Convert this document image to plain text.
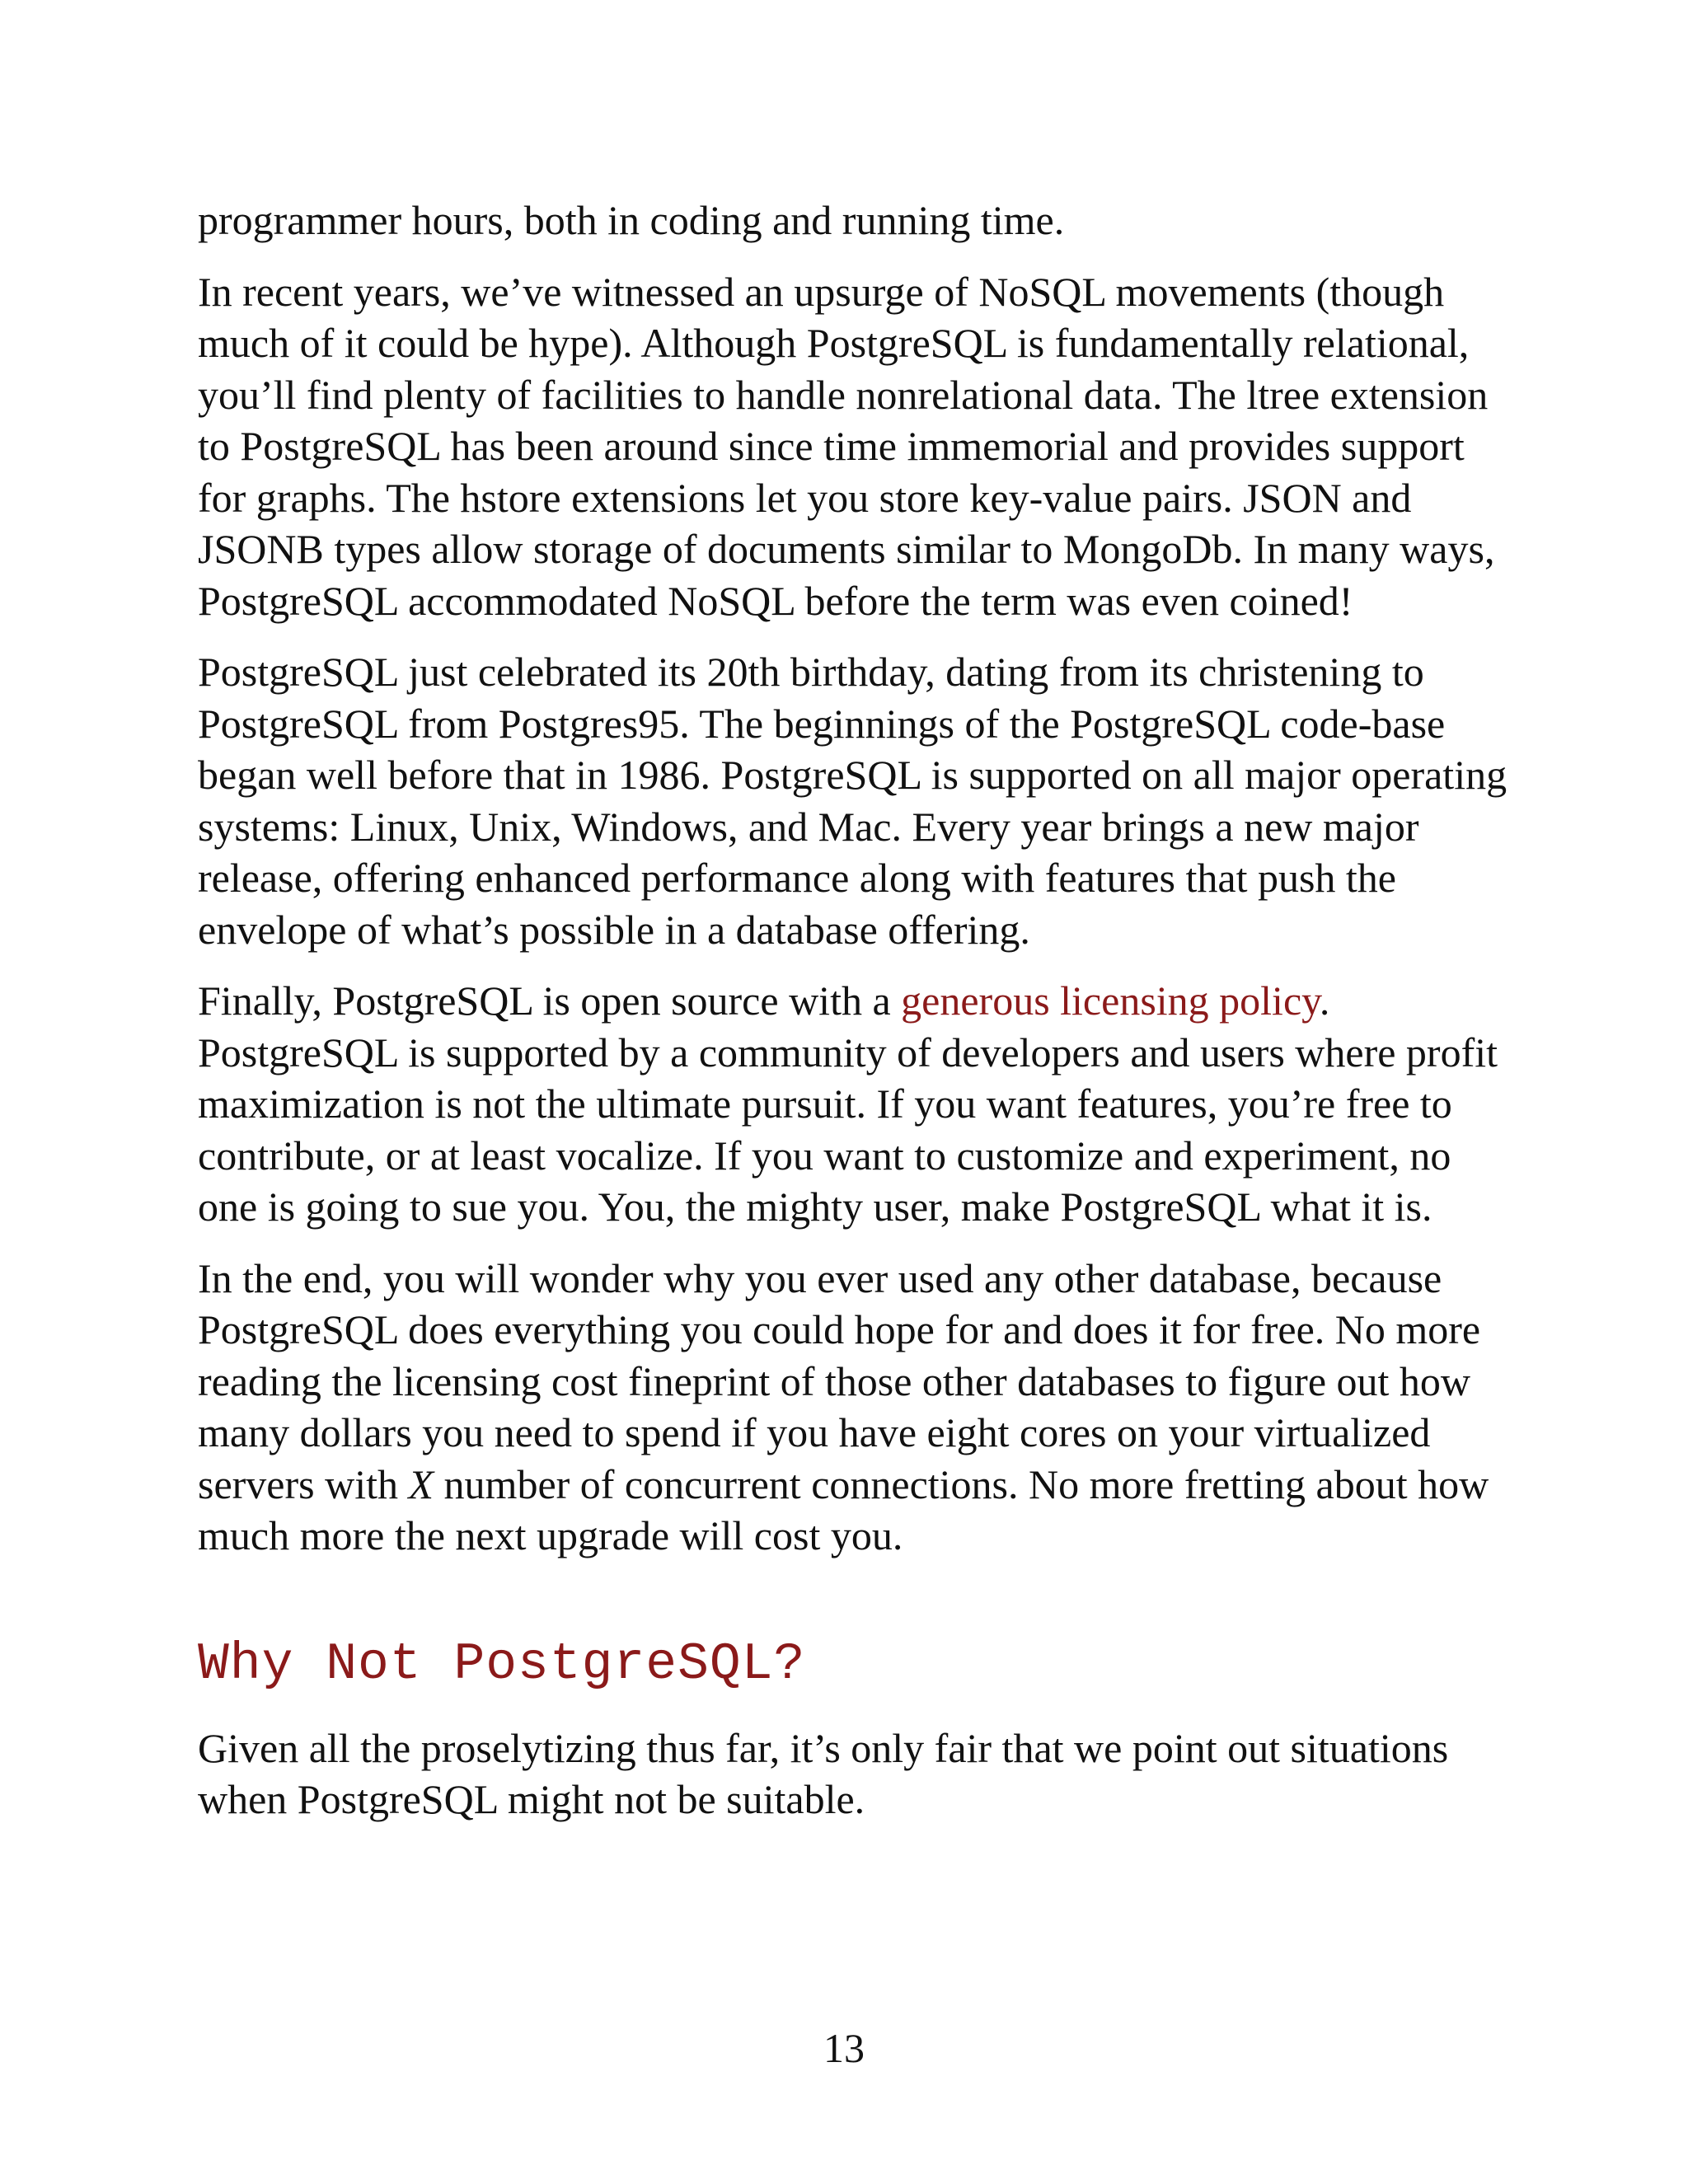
programmer hours, both in coding and running time.

In recent years, we’ve witnessed an upsurge of NoSQL movements (though much of it could be hype). Although PostgreSQL is fundamentally relational, you’ll find plenty of facilities to handle nonrelational data. The ltree extension to PostgreSQL has been around since time immemorial and provides support for graphs. The hstore extensions let you store key-value pairs. JSON and JSONB types allow storage of documents similar to MongoDb. In many ways, PostgreSQL accommodated NoSQL before the term was even coined!

PostgreSQL just celebrated its 20th birthday, dating from its christening to PostgreSQL from Postgres95. The beginnings of the PostgreSQL code-base began well before that in 1986. PostgreSQL is supported on all major operating systems: Linux, Unix, Windows, and Mac. Every year brings a new major release, offering enhanced performance along with features that push the envelope of what’s possible in a database offering.

Finally, PostgreSQL is open source with a generous licensing policy. PostgreSQL is supported by a community of developers and users where profit maximization is not the ultimate pursuit. If you want features, you’re free to contribute, or at least vocalize. If you want to customize and experiment, no one is going to sue you. You, the mighty user, make PostgreSQL what it is.

In the end, you will wonder why you ever used any other database, because PostgreSQL does everything you could hope for and does it for free. No more reading the licensing cost fineprint of those other databases to figure out how many dollars you need to spend if you have eight cores on your virtualized servers with X number of concurrent connections. No more fretting about how much more the next upgrade will cost you.

Why Not PostgreSQL?

Given all the proselytizing thus far, it’s only fair that we point out situations when PostgreSQL might not be suitable.

13
